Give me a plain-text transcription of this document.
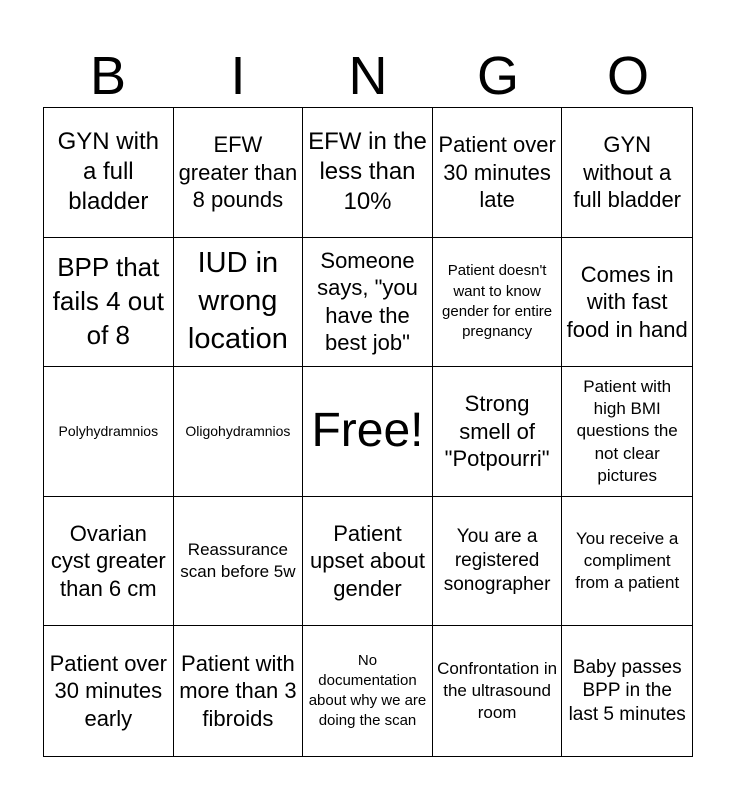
B	I	N	G	O
GYN with a full bladder
EFW greater than 8 pounds
EFW in the less than 10%
Patient over 30 minutes late
GYN without a full bladder
BPP that fails 4 out of 8
IUD in wrong location
Someone says, "you have the best job"
Patient doesn't want to know gender for entire pregnancy
Comes in with fast food in hand
Polyhydramnios Oligohydramnios Free!
Strong smell of "Potpourri"
Patient with high BMI questions the not clear pictures
Ovarian cyst greater than 6 cm
Reassurance scan before 5w
Patient upset about gender
You are a registered sonographer
You receive a compliment from a patient
Patient over 30 minutes early
Patient with more than 3 fibroids
No documentation about why we are doing the scan
Confrontation in the ultrasound room
Baby passes BPP in the last 5 minutes
